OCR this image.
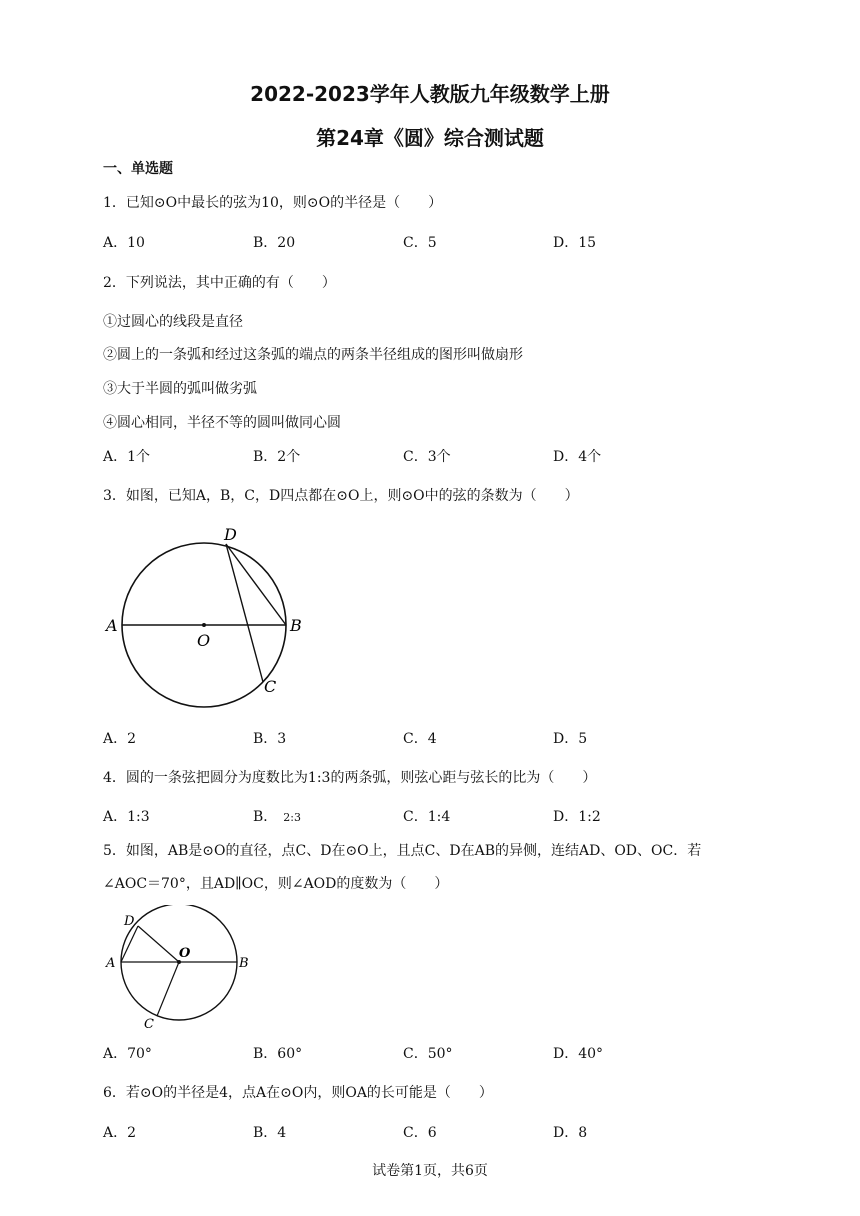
2022-2023学年人教版九年级数学上册
第24章《圆》综合测试题
一、单选题
1．已知⊙O中最长的弦为10，则⊙O的半径是（　　）
A．10	B．20	C．5	D．15
2．下列说法，其中正确的有（　　）
①过圆心的线段是直径
②圆上的一条弧和经过这条弧的端点的两条半径组成的图形叫做扇形
③大于半圆的弧叫做劣弧
④圆心相同，半径不等的圆叫做同心圆
A．1个	B．2个	C．3个	D．4个
3．如图，已知A，B，C，D四点都在⊙O上，则⊙O中的弦的条数为（　　）
A	B
D
C
O
A．2	B．3	C．4	D．5
4．圆的一条弦把圆分为度数比为1:3的两条弧，则弦心距与弦长的比为（　　）
A．1:3	B． 2:3	C．1:4	D．1:2
5．如图，AB是⊙O的直径，点C、D在⊙O上，且点C、D在AB的异侧，连结AD、OD、OC．若
∠AOC＝70°，且AD∥OC，则∠AOD的度数为（　　）
A	B
D
O
C
A．70°	B．60°	C．50°	D．40°
6．若⊙O的半径是4，点A在⊙O内，则OA的长可能是（　　）
A．2	B．4	C．6	D．8
试卷第1页，共6页
